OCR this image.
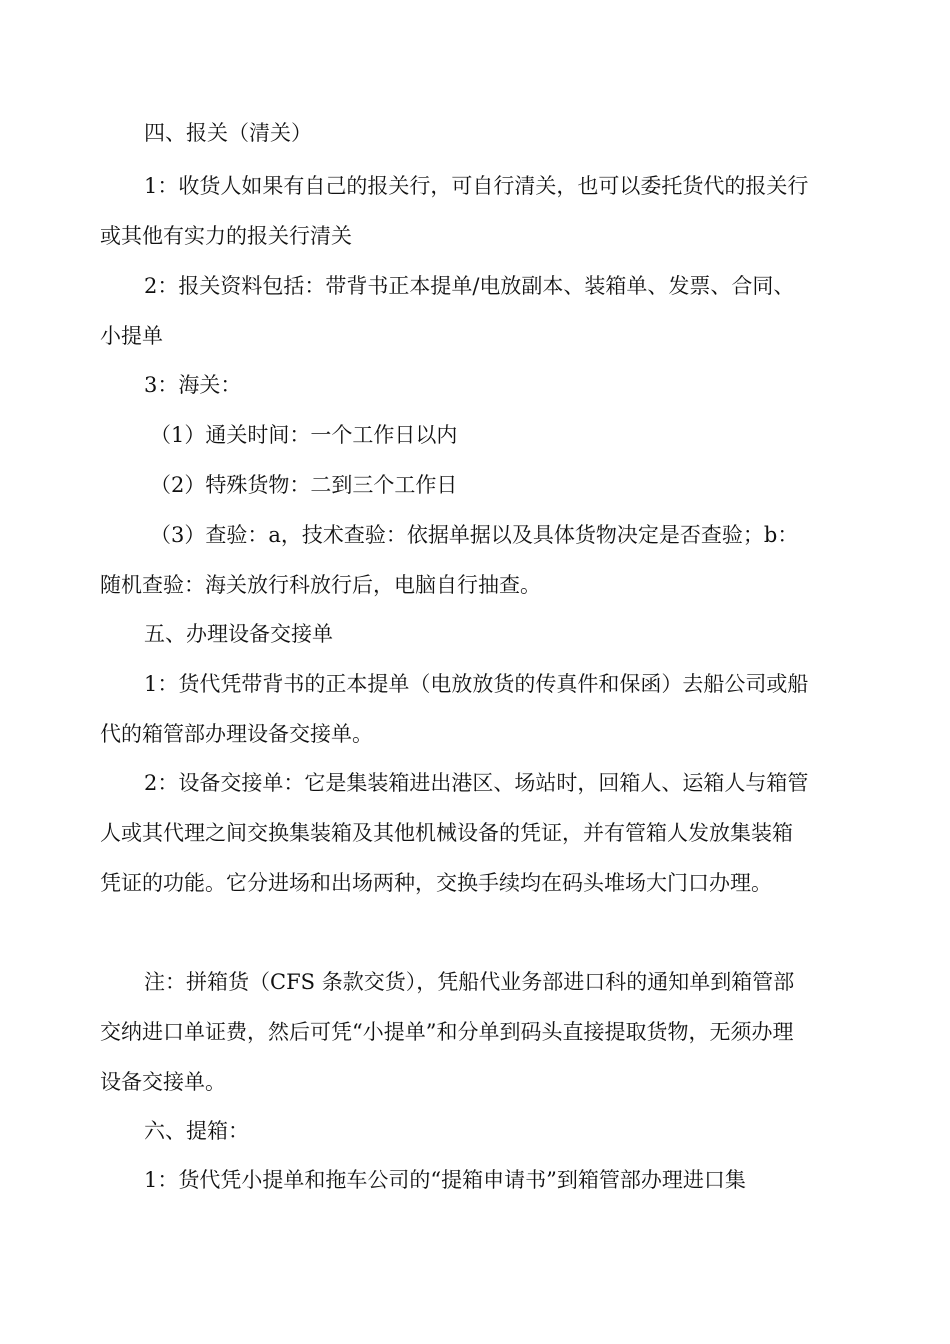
四、报关（清关）

1：收货人如果有自己的报关行，可自行清关，也可以委托货代的报关行或其他有实力的报关行清关

2：报关资料包括：带背书正本提单/电放副本、装箱单、发票、合同、小提单

3：海关：

（1）通关时间：一个工作日以内

（2）特殊货物：二到三个工作日

（3）查验：a，技术查验：依据单据以及具体货物决定是否查验；b：随机查验：海关放行科放行后，电脑自行抽查。

五、办理设备交接单

1：货代凭带背书的正本提单（电放放货的传真件和保函）去船公司或船代的箱管部办理设备交接单。

2：设备交接单：它是集装箱进出港区、场站时，回箱人、运箱人与箱管人或其代理之间交换集装箱及其他机械设备的凭证，并有管箱人发放集装箱凭证的功能。它分进场和出场两种，交换手续均在码头堆场大门口办理。

注：拼箱货（CFS 条款交货），凭船代业务部进口科的通知单到箱管部交纳进口单证费，然后可凭“小提单”和分单到码头直接提取货物，无须办理设备交接单。

六、提箱：

1：货代凭小提单和拖车公司的“提箱申请书”到箱管部办理进口集
